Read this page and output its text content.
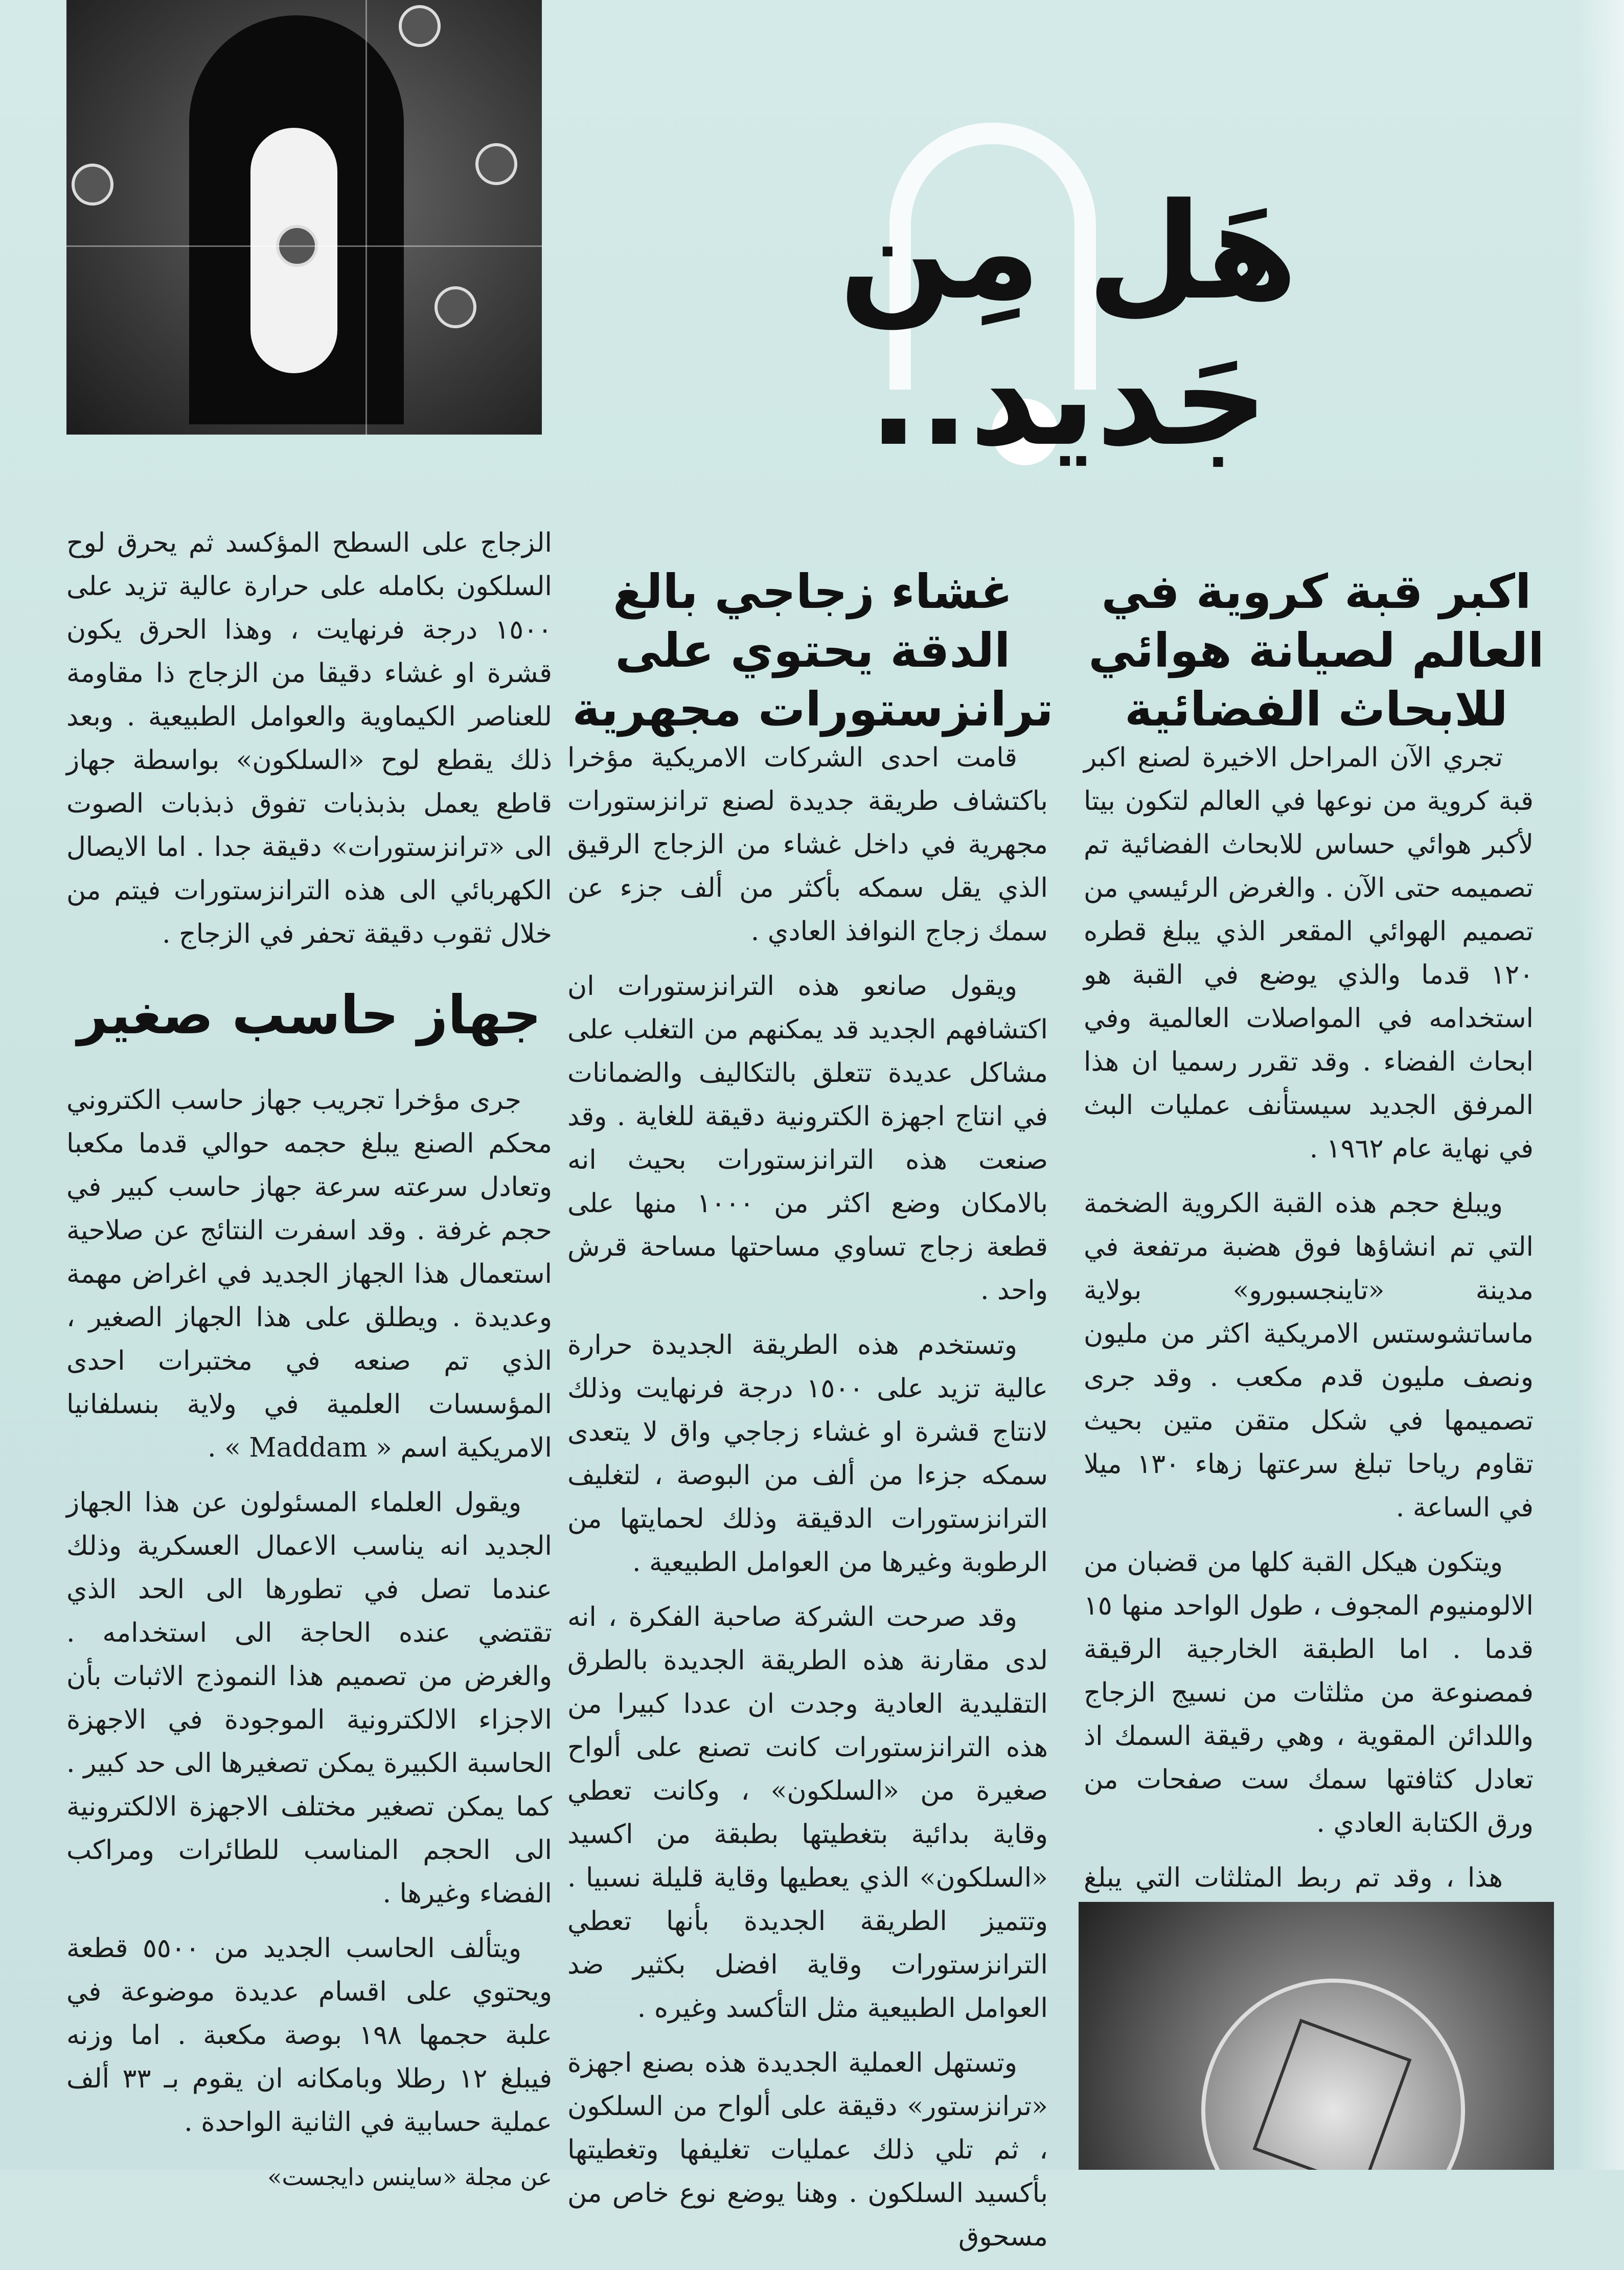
هَل مِن جَديد..
اكبر قبة كروية في العالم لصيانة هوائي للابحاث الفضائية
غشاء زجاجي بالغ الدقة يحتوي على ترانزستورات مجهرية

تجري الآن المراحل الاخيرة لصنع اكبر قبة كروية من نوعها في العالم لتكون بيتا لأكبر هوائي حساس للابحاث الفضائية تم تصميمه حتى الآن . والغرض الرئيسي من تصميم الهوائي المقعر الذي يبلغ قطره ١٢٠ قدما والذي يوضع في القبة هو استخدامه في المواصلات العالمية وفي ابحاث الفضاء . وقد تقرر رسميا ان هذا المرفق الجديد سيستأنف عمليات البث في نهاية عام ١٩٦٢ .

ويبلغ حجم هذه القبة الكروية الضخمة التي تم انشاؤها فوق هضبة مرتفعة في مدينة «تاينجسبورو» بولاية ماساتشوستس الامريكية اكثر من مليون ونصف مليون قدم مكعب . وقد جرى تصميمها في شكل متقن متين بحيث تقاوم رياحا تبلغ سرعتها زهاء ١٣٠ ميلا في الساعة .

ويتكون هيكل القبة كلها من قضبان من الالومنيوم المجوف ، طول الواحد منها ١٥ قدما . اما الطبقة الخارجية الرقيقة فمصنوعة من مثلثات من نسيج الزجاج واللدائن المقوية ، وهي رقيقة السمك اذ تعادل كثافتها سمك ست صفحات من ورق الكتابة العادي .

هذا ، وقد تم ربط المثلثات التي يبلغ

قامت احدى الشركات الامريكية مؤخرا باكتشاف طريقة جديدة لصنع ترانزستورات مجهرية في داخل غشاء من الزجاج الرقيق الذي يقل سمكه بأكثر من ألف جزء عن سمك زجاج النوافذ العادي .

ويقول صانعو هذه الترانزستورات ان اكتشافهم الجديد قد يمكنهم من التغلب على مشاكل عديدة تتعلق بالتكاليف والضمانات في انتاج اجهزة الكترونية دقيقة للغاية . وقد صنعت هذه الترانزستورات بحيث انه بالامكان وضع اكثر من ١٠٠٠ منها على قطعة زجاج تساوي مساحتها مساحة قرش واحد .

وتستخدم هذه الطريقة الجديدة حرارة عالية تزيد على ١٥٠٠ درجة فرنهايت وذلك لانتاج قشرة او غشاء زجاجي واق لا يتعدى سمكه جزءا من ألف من البوصة ، لتغليف الترانزستورات الدقيقة وذلك لحمايتها من الرطوبة وغيرها من العوامل الطبيعية .

وقد صرحت الشركة صاحبة الفكرة ، انه لدى مقارنة هذه الطريقة الجديدة بالطرق التقليدية العادية وجدت ان عددا كبيرا من هذه الترانزستورات كانت تصنع على ألواح صغيرة من «السلكون» ، وكانت تعطي وقاية بدائية بتغطيتها بطبقة من اكسيد «السلكون» الذي يعطيها وقاية قليلة نسبيا . وتتميز الطريقة الجديدة بأنها تعطي الترانزستورات وقاية افضل بكثير ضد العوامل الطبيعية مثل التأكسد وغيره .

وتستهل العملية الجديدة هذه بصنع اجهزة «ترانزستور» دقيقة على ألواح من السلكون ، ثم تلي ذلك عمليات تغليفها وتغطيتها بأكسيد السلكون . وهنا يوضع نوع خاص من مسحوق

الزجاج على السطح المؤكسد ثم يحرق لوح السلكون بكامله على حرارة عالية تزيد على ١٥٠٠ درجة فرنهايت ، وهذا الحرق يكون قشرة او غشاء دقيقا من الزجاج ذا مقاومة للعناصر الكيماوية والعوامل الطبيعية . وبعد ذلك يقطع لوح «السلكون» بواسطة جهاز قاطع يعمل بذبذبات تفوق ذبذبات الصوت الى «ترانزستورات» دقيقة جدا . اما الايصال الكهربائي الى هذه الترانزستورات فيتم من خلال ثقوب دقيقة تحفر في الزجاج .

جهاز حاسب صغير

جرى مؤخرا تجريب جهاز حاسب الكتروني محكم الصنع يبلغ حجمه حوالي قدما مكعبا وتعادل سرعته سرعة جهاز حاسب كبير في حجم غرفة . وقد اسفرت النتائج عن صلاحية استعمال هذا الجهاز الجديد في اغراض مهمة وعديدة . ويطلق على هذا الجهاز الصغير ، الذي تم صنعه في مختبرات احدى المؤسسات العلمية في ولاية بنسلفانيا الامريكية اسم « Maddam » .

ويقول العلماء المسئولون عن هذا الجهاز الجديد انه يناسب الاعمال العسكرية وذلك عندما تصل في تطورها الى الحد الذي تقتضي عنده الحاجة الى استخدامه . والغرض من تصميم هذا النموذج الاثبات بأن الاجزاء الالكترونية الموجودة في الاجهزة الحاسبة الكبيرة يمكن تصغيرها الى حد كبير . كما يمكن تصغير مختلف الاجهزة الالكترونية الى الحجم المناسب للطائرات ومراكب الفضاء وغيرها .

ويتألف الحاسب الجديد من ٥٥٠٠ قطعة ويحتوي على اقسام عديدة موضوعة في علبة حجمها ١٩٨ بوصة مكعبة . اما وزنه فيبلغ ١٢ رطلا وبامكانه ان يقوم بـ ٣٣ ألف عملية حسابية في الثانية الواحدة .

عن مجلة «ساينس دايجست»
